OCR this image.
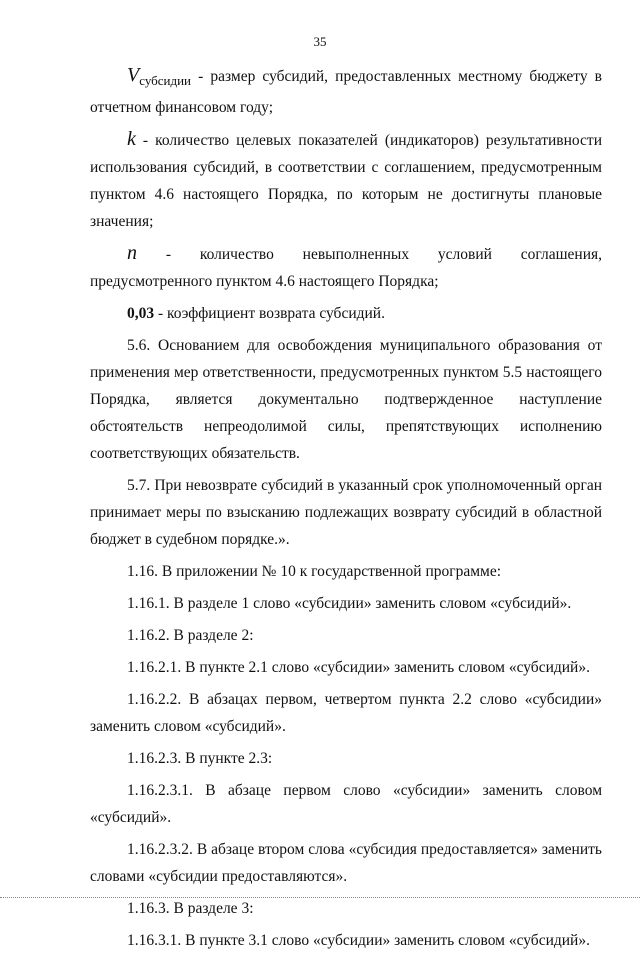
35

$V_{субсидии}$ - размер субсидий, предоставленных местному бюджету в отчетном финансовом году;

k - количество целевых показателей (индикаторов) результативности использования субсидий, в соответствии с соглашением, предусмотренным пунктом 4.6 настоящего Порядка, по которым не достигнуты плановые значения;

n - количество невыполненных условий соглашения, предусмотренного пунктом 4.6 настоящего Порядка;

0,03 - коэффициент возврата субсидий.

5.6. Основанием для освобождения муниципального образования от применения мер ответственности, предусмотренных пунктом 5.5 настоящего Порядка, является документально подтвержденное наступление обстоятельств непреодолимой силы, препятствующих исполнению соответствующих обязательств.

5.7. При невозврате субсидий в указанный срок уполномоченный орган принимает меры по взысканию подлежащих возврату субсидий в областной бюджет в судебном порядке.».

1.16. В приложении № 10 к государственной программе:

1.16.1. В разделе 1 слово «субсидии» заменить словом «субсидий».

1.16.2. В разделе 2:

1.16.2.1. В пункте 2.1 слово «субсидии» заменить словом «субсидий».

1.16.2.2. В абзацах первом, четвертом пункта 2.2 слово «субсидии» заменить словом «субсидий».

1.16.2.3. В пункте 2.3:

1.16.2.3.1. В абзаце первом слово «субсидии» заменить словом «субсидий».

1.16.2.3.2. В абзаце втором слова «субсидия предоставляется» заменить словами «субсидии предоставляются».

1.16.3. В разделе 3:

1.16.3.1. В пункте 3.1 слово «субсидии» заменить словом «субсидий».
